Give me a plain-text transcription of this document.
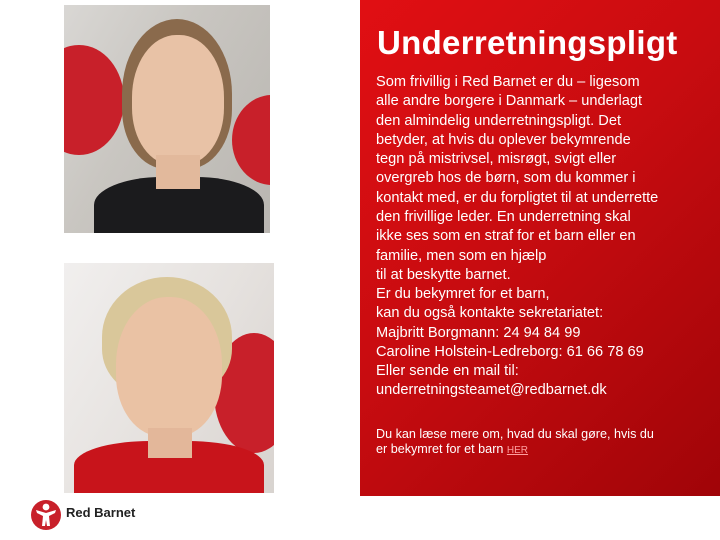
Underretningspligt
Som frivillig i Red Barnet er du – ligesom
alle andre borgere i Danmark – underlagt
den almindelig underretningspligt. Det
betyder, at hvis du oplever bekymrende
tegn på mistrivsel, misrøgt, svigt eller
overgreb hos de børn, som du kommer i
kontakt med, er du forpligtet til at underrette
den frivillige leder. En underretning skal
ikke ses som en straf for et barn eller en
familie, men som en hjælp
til at beskytte barnet.
Er du bekymret for et barn,
kan du også kontakte sekretariatet:
Majbritt Borgmann: 24 94 84 99
Caroline Holstein-Ledreborg: 61 66 78 69
Eller sende en mail til:
underretningsteamet@redbarnet.dk
Du kan læse mere om, hvad du skal gøre, hvis du
er bekymret for et barn HER
Red Barnet
